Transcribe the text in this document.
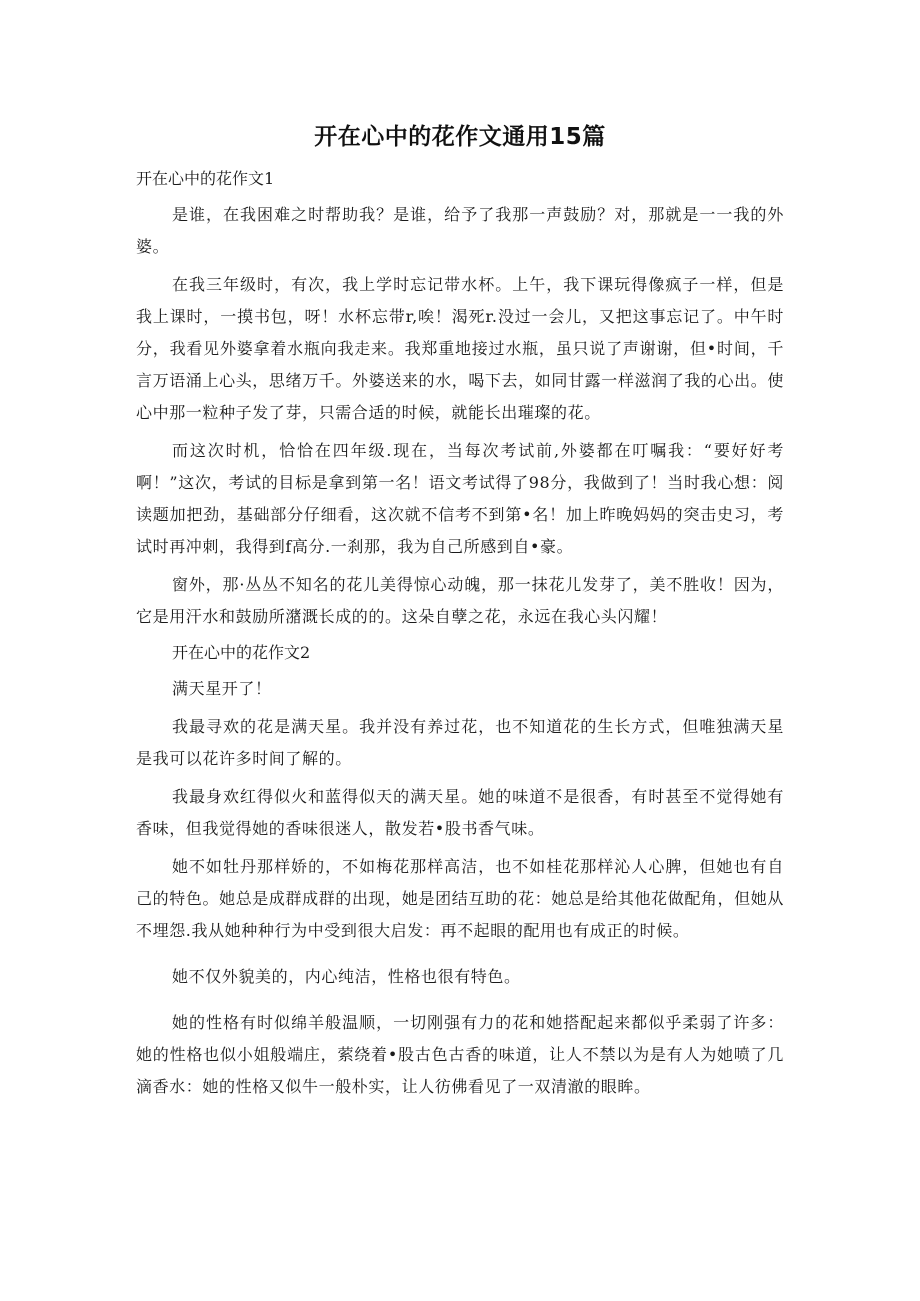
开在心中的花作文通用15篇
开在心中的花作文1

是谁，在我困难之时帮助我？是谁，给予了我那一声鼓励？对，那就是一一我的外婆。

在我三年级时，有次，我上学时忘记带水杯。上午，我下课玩得像疯子一样，但是我上课时，一摸书包，呀！水杯忘带r,唉！渴死r.没过一会儿，又把这事忘记了。中午时分，我看见外婆拿着水瓶向我走来。我郑重地接过水瓶，虽只说了声谢谢，但•时间，千言万语涌上心头，思绪万千。外婆送来的水，喝下去，如同甘露一样滋润了我的心出。使心中那一粒种子发了芽，只需合适的时候，就能长出璀璨的花。

而这次时机，恰恰在四年级.现在，当每次考试前,外婆都在叮嘱我：“要好好考啊！”这次，考试的目标是拿到第一名！语文考试得了98分，我做到了！当时我心想：阅读题加把劲，基础部分仔细看，这次就不信考不到第•名！加上昨晚妈妈的突击史习，考试时再冲刺，我得到f高分.一刹那，我为自己所感到自•豪。

窗外，那·丛丛不知名的花儿美得惊心动魄，那一抹花儿发芽了，美不胜收！因为，它是用汗水和鼓励所潴溉长成的的。这朵自孽之花，永远在我心头闪耀！

开在心中的花作文2

满天星开了！

我最寻欢的花是满天星。我并没有养过花，也不知道花的生长方式，但唯独满天星是我可以花许多时间了解的。

我最身欢红得似火和蓝得似天的满天星。她的味道不是很香，有时甚至不觉得她有香味，但我觉得她的香味很迷人，散发若•股书香气味。

她不如牡丹那样娇的，不如梅花那样高洁，也不如桂花那样沁人心脾，但她也有自己的特色。她总是成群成群的出现，她是团结互助的花：她总是给其他花做配角，但她从不埋怨.我从她种种行为中受到很大启发：再不起眼的配用也有成正的时候。

她不仅外貌美的，内心纯洁，性格也很有特色。

她的性格有时似绵羊般温顺，一切刚强有力的花和她搭配起来都似乎柔弱了许多：她的性格也似小姐般端庄，萦绕着•股古色古香的味道，让人不禁以为是有人为她喷了几滴香水：她的性格又似牛一般朴实，让人彷佛看见了一双清澈的眼眸。
